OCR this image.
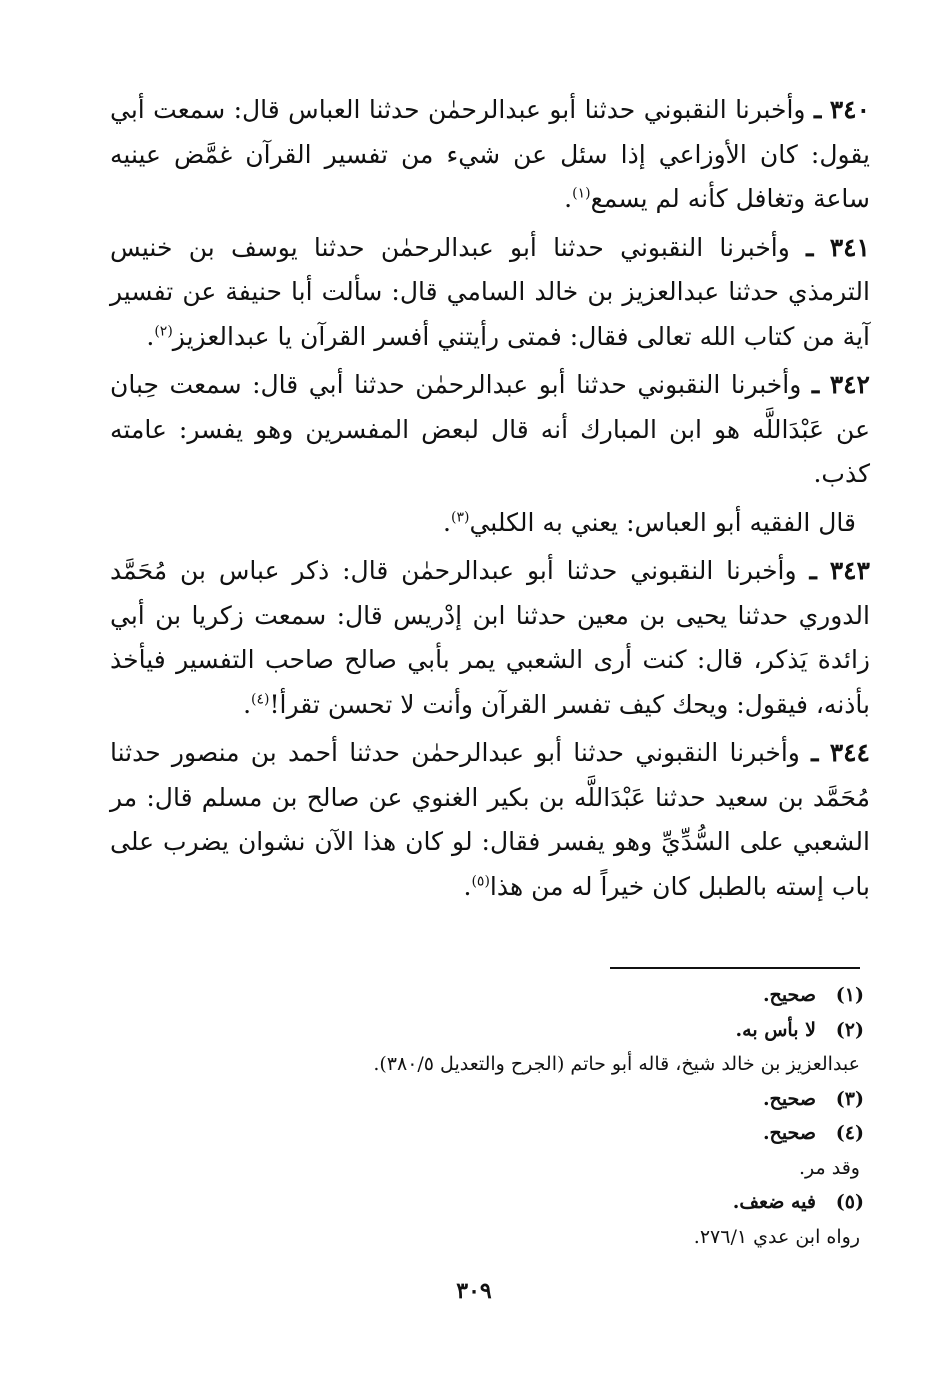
٣٤٠ ـ وأخبرنا النقبوني حدثنا أبو عبدالرحمٰن حدثنا العباس قال: سمعت أبي يقول: كان الأوزاعي إذا سئل عن شيء من تفسير القرآن غمَّض عينيه ساعة وتغافل كأنه لم يسمع$^{(١)}$.

٣٤١ ـ وأخبرنا النقبوني حدثنا أبو عبدالرحمٰن حدثنا يوسف بن خنيس الترمذي حدثنا عبدالعزيز بن خالد السامي قال: سألت أبا حنيفة عن تفسير آية من كتاب الله تعالى فقال: فمتى رأيتني أفسر القرآن يا عبدالعزيز$^{(٢)}$.

٣٤٢ ـ وأخبرنا النقبوني حدثنا أبو عبدالرحمٰن حدثنا أبي قال: سمعت حِبان عن عَبْدَاللَّه هو ابن المبارك أنه قال لبعض المفسرين وهو يفسر: عامته كذب.

قال الفقيه أبو العباس: يعني به الكلبي$^{(٣)}$.

٣٤٣ ـ وأخبرنا النقبوني حدثنا أبو عبدالرحمٰن قال: ذكر عباس بن مُحَمَّد الدوري حدثنا يحيى بن معين حدثنا ابن إدْريس قال: سمعت زكريا بن أبي زائدة يَذكر، قال: كنت أرى الشعبي يمر بأبي صالح صاحب التفسير فيأخذ بأذنه، فيقول: ويحك كيف تفسر القرآن وأنت لا تحسن تقرأ!$^{(٤)}$.

٣٤٤ ـ وأخبرنا النقبوني حدثنا أبو عبدالرحمٰن حدثنا أحمد بن منصور حدثنا مُحَمَّد بن سعيد حدثنا عَبْدَاللَّه بن بكير الغنوي عن صالح بن مسلم قال: مر الشعبي على السُّدِّيِّ وهو يفسر فقال: لو كان هذا الآن نشوان يضرب على باب إسته بالطبل كان خيراً له من هذا$^{(٥)}$.

(١) صحيح.
(٢) لا بأس به.
عبدالعزيز بن خالد شيخ، قاله أبو حاتم (الجرح والتعديل ٣٨٠/٥).
(٣) صحيح.
(٤) صحيح.
وقد مر.
(٥) فيه ضعف.
رواه ابن عدي ٢٧٦/١.
٣٠٩
